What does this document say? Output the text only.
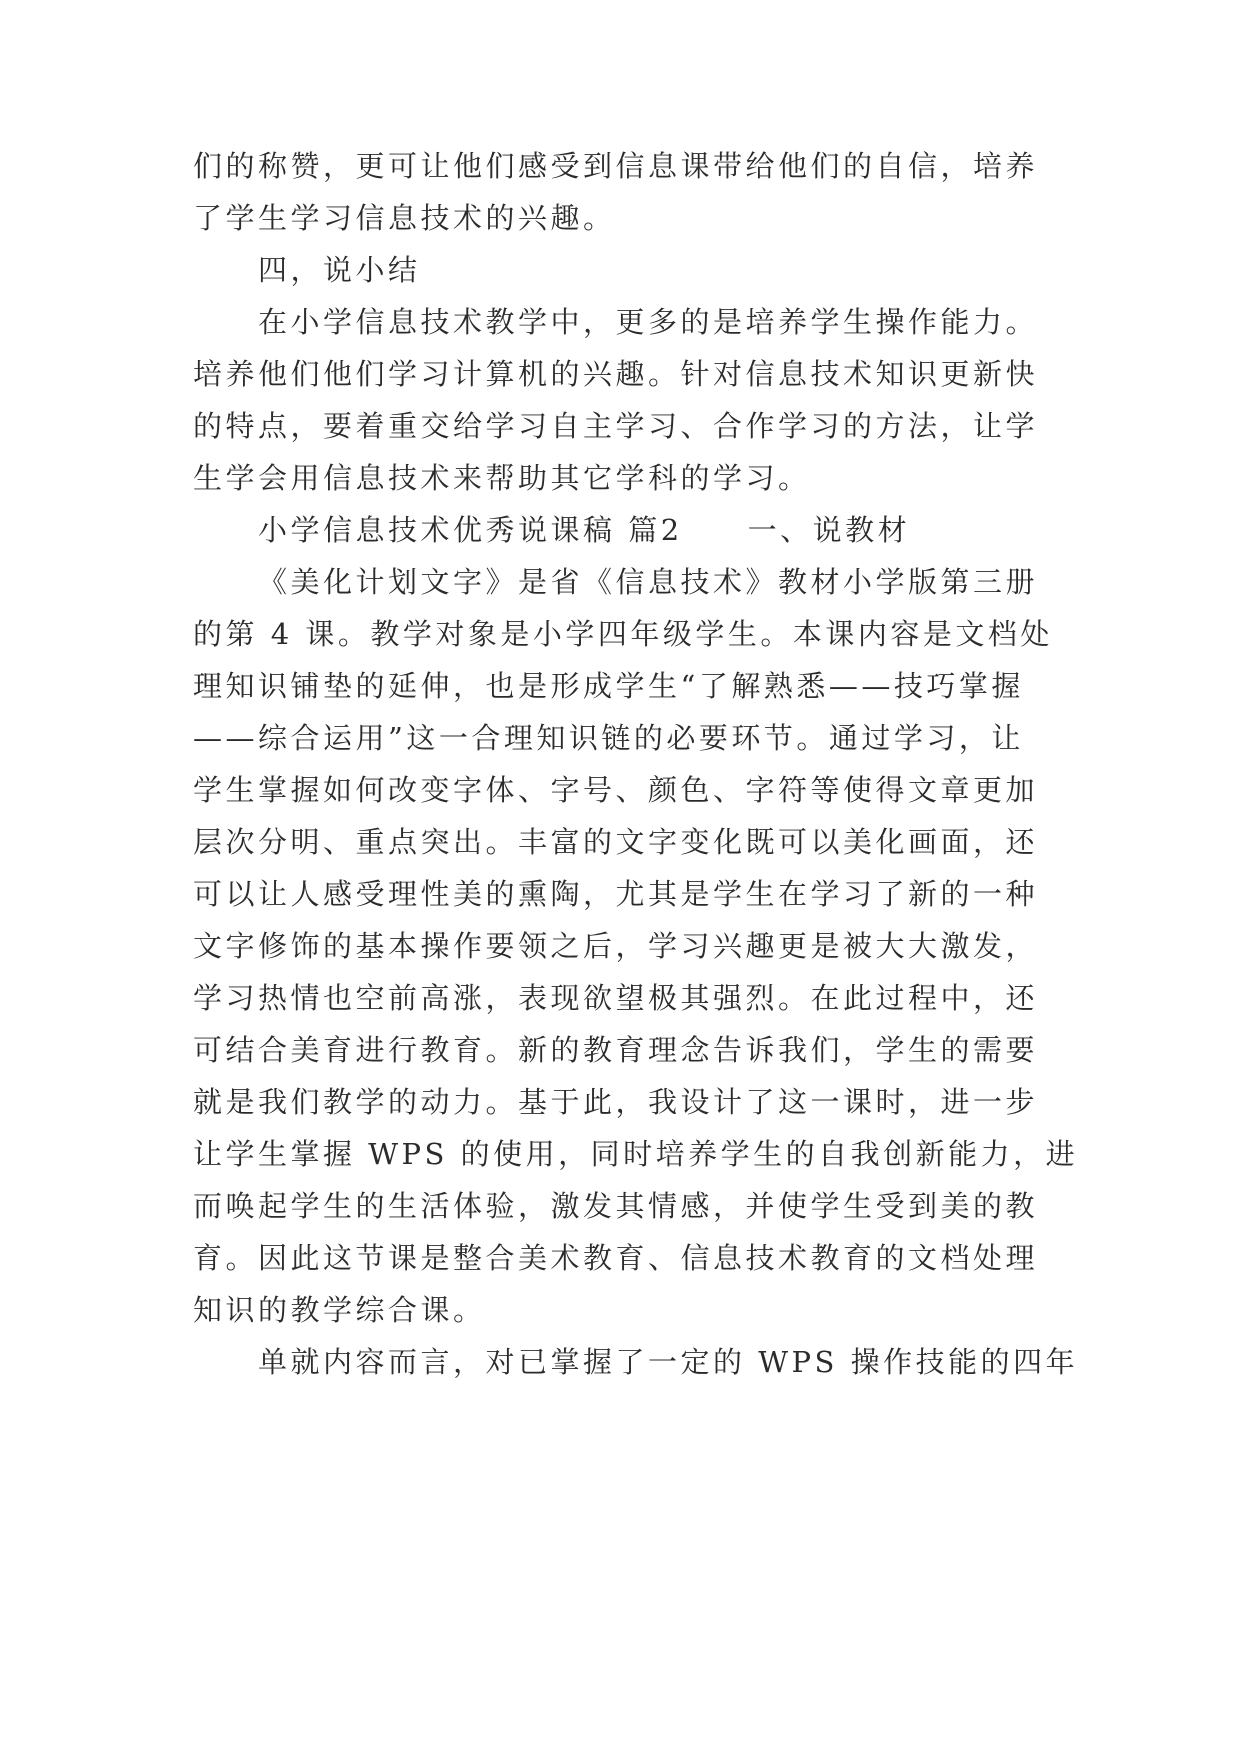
们的称赞，更可让他们感受到信息课带给他们的自信，培养
了学生学习信息技术的兴趣。
四，说小结
在小学信息技术教学中，更多的是培养学生操作能力。
培养他们他们学习计算机的兴趣。针对信息技术知识更新快
的特点，要着重交给学习自主学习、合作学习的方法，让学
生学会用信息技术来帮助其它学科的学习。
小学信息技术优秀说课稿 篇2　　一、说教材
《美化计划文字》是省《信息技术》教材小学版第三册
的第 4 课。教学对象是小学四年级学生。本课内容是文档处
理知识铺垫的延伸，也是形成学生“了解熟悉——技巧掌握
——综合运用”这一合理知识链的必要环节。通过学习，让
学生掌握如何改变字体、字号、颜色、字符等使得文章更加
层次分明、重点突出。丰富的文字变化既可以美化画面，还
可以让人感受理性美的熏陶，尤其是学生在学习了新的一种
文字修饰的基本操作要领之后，学习兴趣更是被大大激发，
学习热情也空前高涨，表现欲望极其强烈。在此过程中，还
可结合美育进行教育。新的教育理念告诉我们，学生的需要
就是我们教学的动力。基于此，我设计了这一课时，进一步
让学生掌握 WPS 的使用，同时培养学生的自我创新能力，进
而唤起学生的生活体验，激发其情感，并使学生受到美的教
育。因此这节课是整合美术教育、信息技术教育的文档处理
知识的教学综合课。
单就内容而言，对已掌握了一定的 WPS 操作技能的四年
